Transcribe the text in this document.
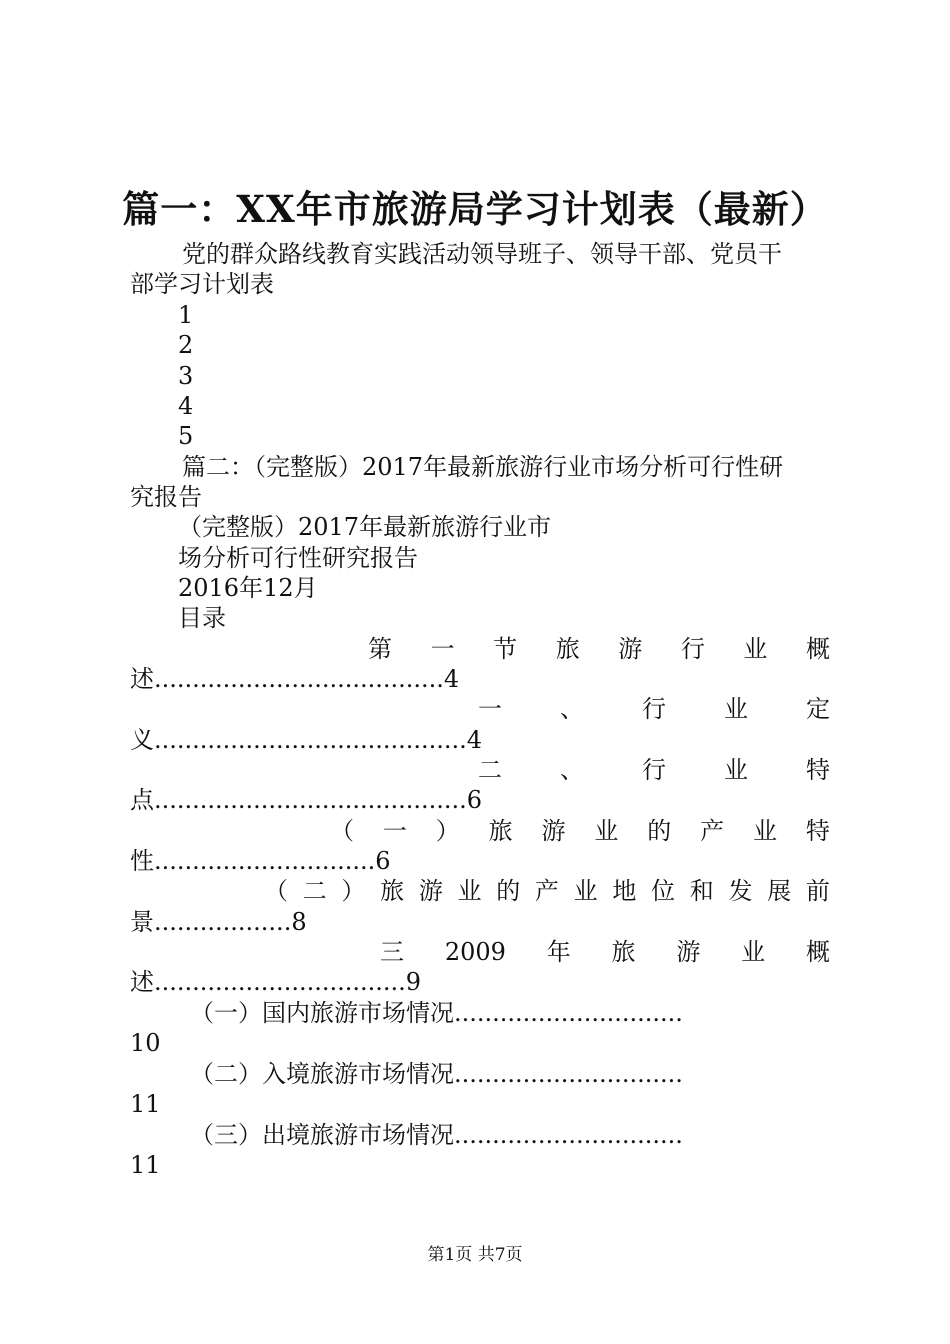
篇一：XX年市旅游局学习计划表（最新）
党的群众路线教育实践活动领导班子、领导干部、党员干
部学习计划表
1
2
3
4
5
篇二：（完整版）2017年最新旅游行业市场分析可行性研
究报告
（完整版）2017年最新旅游行业市
场分析可行性研究报告
2016年12月
目录
第 一 节 旅 游 行 业 概
述......................................4
一 、 行 业 定
义.........................................4
二 、 行 业 特
点.........................................6
（ 一 ） 旅 游 业 的 产 业 特
性.............................6
（ 二 ） 旅 游 业 的 产 业 地 位 和 发 展 前
景..................8
三 2009 年 旅 游 业 概
述.................................9
（一）国内旅游市场情况..............................
10
（二）入境旅游市场情况..............................
11
（三）出境旅游市场情况..............................
11
第1页 共7页
